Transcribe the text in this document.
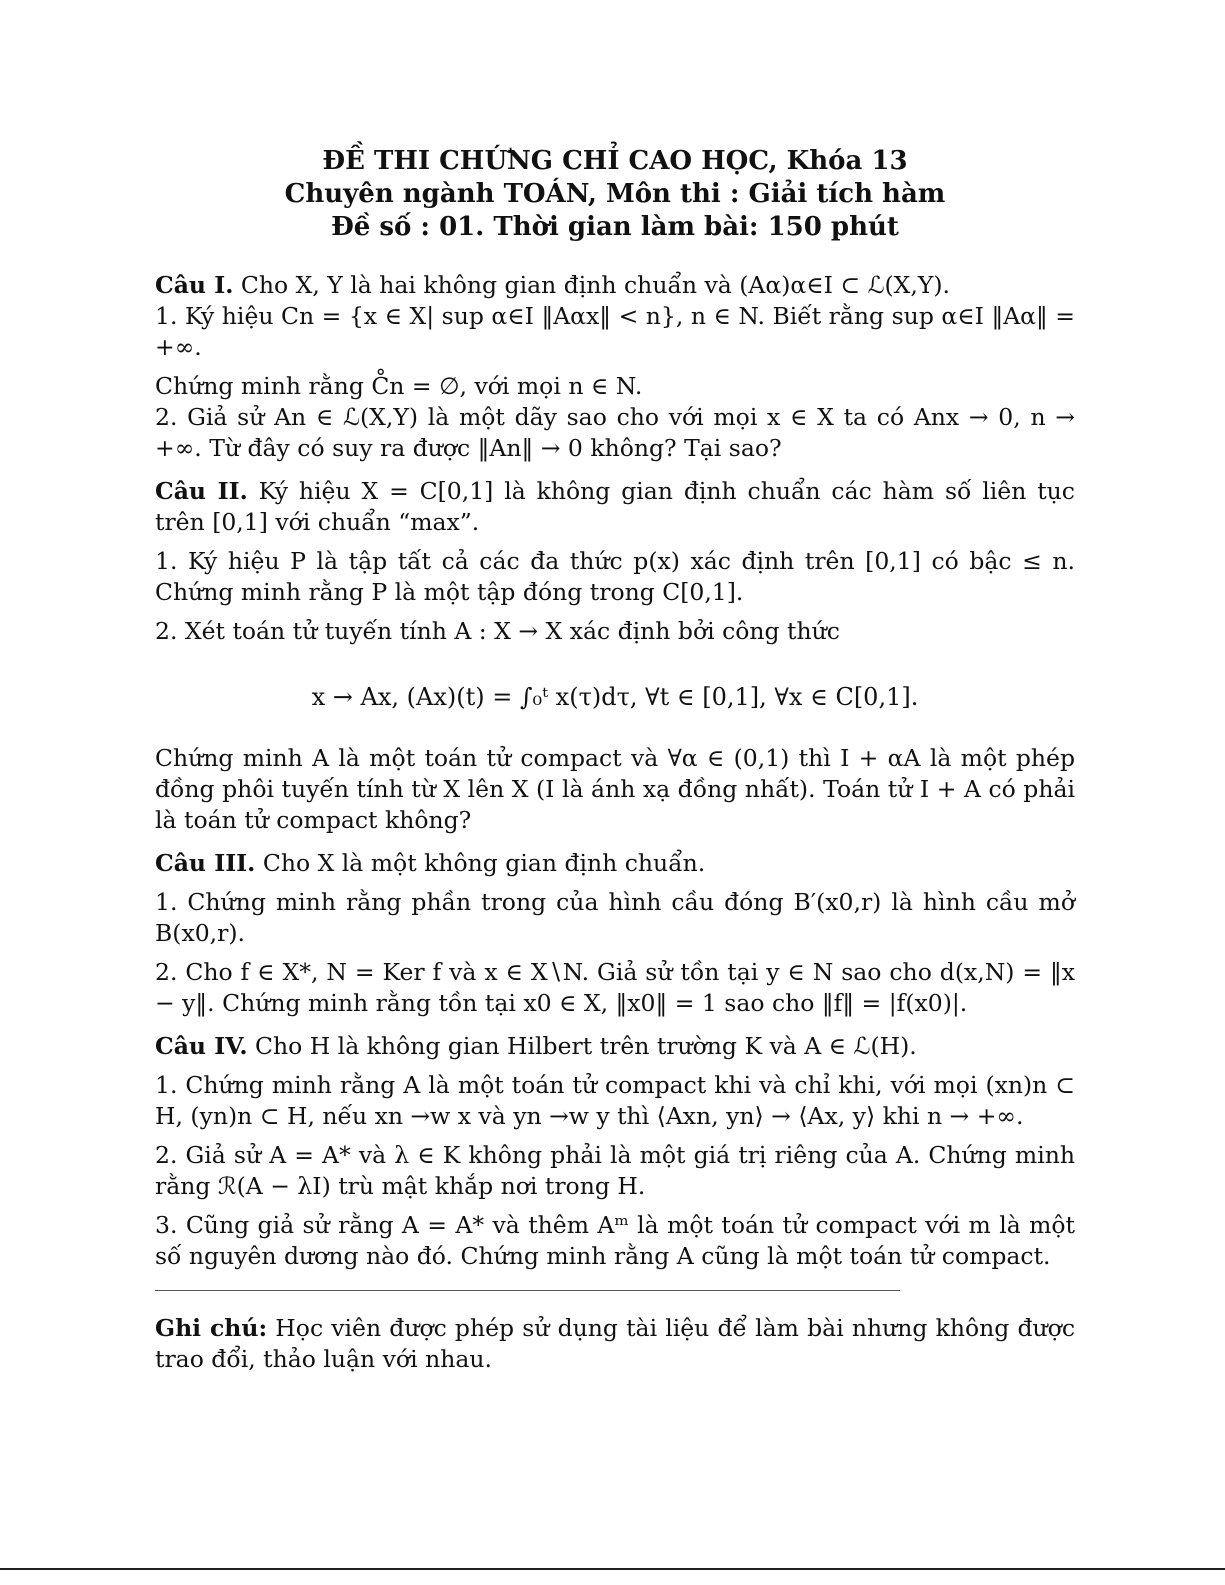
ĐỀ THI CHỨNG CHỈ CAO HỌC, Khóa 13

Chuyên ngành TOÁN, Môn thi : Giải tích hàm

Đề số : 01. Thời gian làm bài: 150 phút

Câu I. Cho X, Y là hai không gian định chuẩn và (Aα)α∈I ⊂ ℒ(X,Y).

1. Ký hiệu Cn = {x ∈ X| sup α∈I ‖Aαx‖ < n}, n ∈ N. Biết rằng sup α∈I ‖Aα‖ = +∞.

Chứng minh rằng C̊n = ∅, với mọi n ∈ N.

2. Giả sử An ∈ ℒ(X,Y) là một dãy sao cho với mọi x ∈ X ta có Anx → 0, n → +∞. Từ đây có suy ra được ‖An‖ → 0 không? Tại sao?

Câu II. Ký hiệu X = C[0,1] là không gian định chuẩn các hàm số liên tục trên [0,1] với chuẩn “max”.

1. Ký hiệu P là tập tất cả các đa thức p(x) xác định trên [0,1] có bậc ≤ n. Chứng minh rằng P là một tập đóng trong C[0,1].

2. Xét toán tử tuyến tính A : X → X xác định bởi công thức

x → Ax, (Ax)(t) = ∫₀ᵗ x(τ)dτ, ∀t ∈ [0,1], ∀x ∈ C[0,1].

Chứng minh A là một toán tử compact và ∀α ∈ (0,1) thì I + αA là một phép đồng phôi tuyến tính từ X lên X (I là ánh xạ đồng nhất). Toán tử I + A có phải là toán tử compact không?

Câu III. Cho X là một không gian định chuẩn.

1. Chứng minh rằng phần trong của hình cầu đóng B′(x0,r) là hình cầu mở B(x0,r).

2. Cho f ∈ X*, N = Ker f và x ∈ X∖N. Giả sử tồn tại y ∈ N sao cho d(x,N) = ‖x − y‖. Chứng minh rằng tồn tại x0 ∈ X, ‖x0‖ = 1 sao cho ‖f‖ = |f(x0)|.

Câu IV. Cho H là không gian Hilbert trên trường K và A ∈ ℒ(H).

1. Chứng minh rằng A là một toán tử compact khi và chỉ khi, với mọi (xn)n ⊂ H, (yn)n ⊂ H, nếu xn →w x và yn →w y thì ⟨Axn, yn⟩ → ⟨Ax, y⟩ khi n → +∞.

2. Giả sử A = A* và λ ∈ K không phải là một giá trị riêng của A. Chứng minh rằng ℛ(A − λI) trù mật khắp nơi trong H.

3. Cũng giả sử rằng A = A* và thêm Aᵐ là một toán tử compact với m là một số nguyên dương nào đó. Chứng minh rằng A cũng là một toán tử compact.

Ghi chú: Học viên được phép sử dụng tài liệu để làm bài nhưng không được trao đổi, thảo luận với nhau.
